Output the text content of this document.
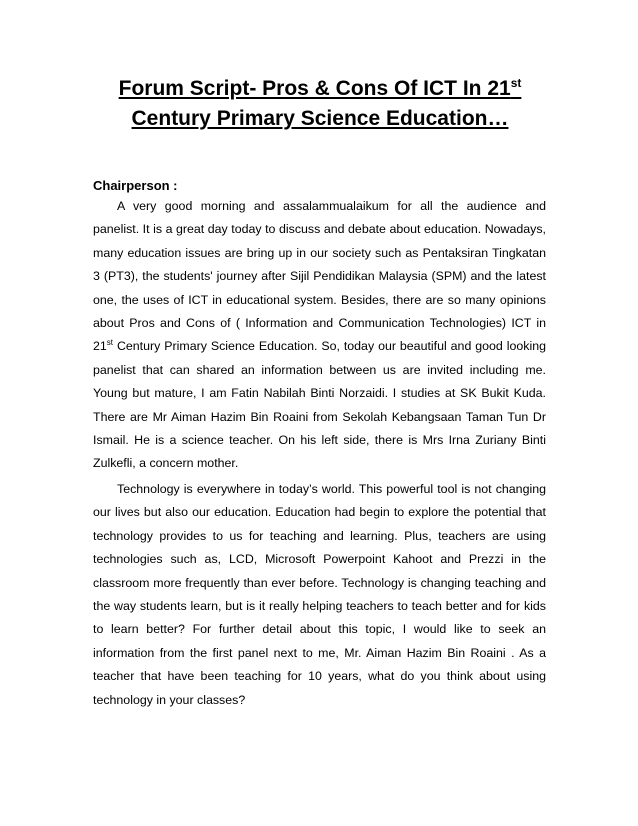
Forum Script- Pros & Cons Of ICT In 21st
Century Primary Science Education…

Chairperson :

A very good morning and assalammualaikum for all the audience and panelist. It is a great day today to discuss and debate about education. Nowadays, many education issues are bring up in our society such as Pentaksiran Tingkatan 3 (PT3), the students' journey after Sijil Pendidikan Malaysia (SPM) and the latest one, the uses of ICT in educational system. Besides, there are so many opinions about Pros and Cons of ( Information and Communication Technologies) ICT in 21st Century Primary Science Education. So, today our beautiful and good looking panelist that can shared an information between us are invited including me. Young but mature, I am Fatin Nabilah Binti Norzaidi. I studies at SK Bukit Kuda. There are Mr Aiman Hazim Bin Roaini from Sekolah Kebangsaan Taman Tun Dr Ismail. He is a science teacher. On his left side, there is Mrs Irna Zuriany Binti Zulkefli, a concern mother.

Technology is everywhere in today’s world. This powerful tool is not changing our lives but also our education. Education had begin to explore the potential that technology provides to us for teaching and learning. Plus, teachers are using technologies such as, LCD, Microsoft Powerpoint Kahoot and Prezzi in the classroom more frequently than ever before. Technology is changing teaching and the way students learn, but is it really helping teachers to teach better and for kids to learn better? For further detail about this topic, I would like to seek an information from the first panel next to me, Mr. Aiman Hazim Bin Roaini . As a teacher that have been teaching for 10 years, what do you think about using technology in your classes?
